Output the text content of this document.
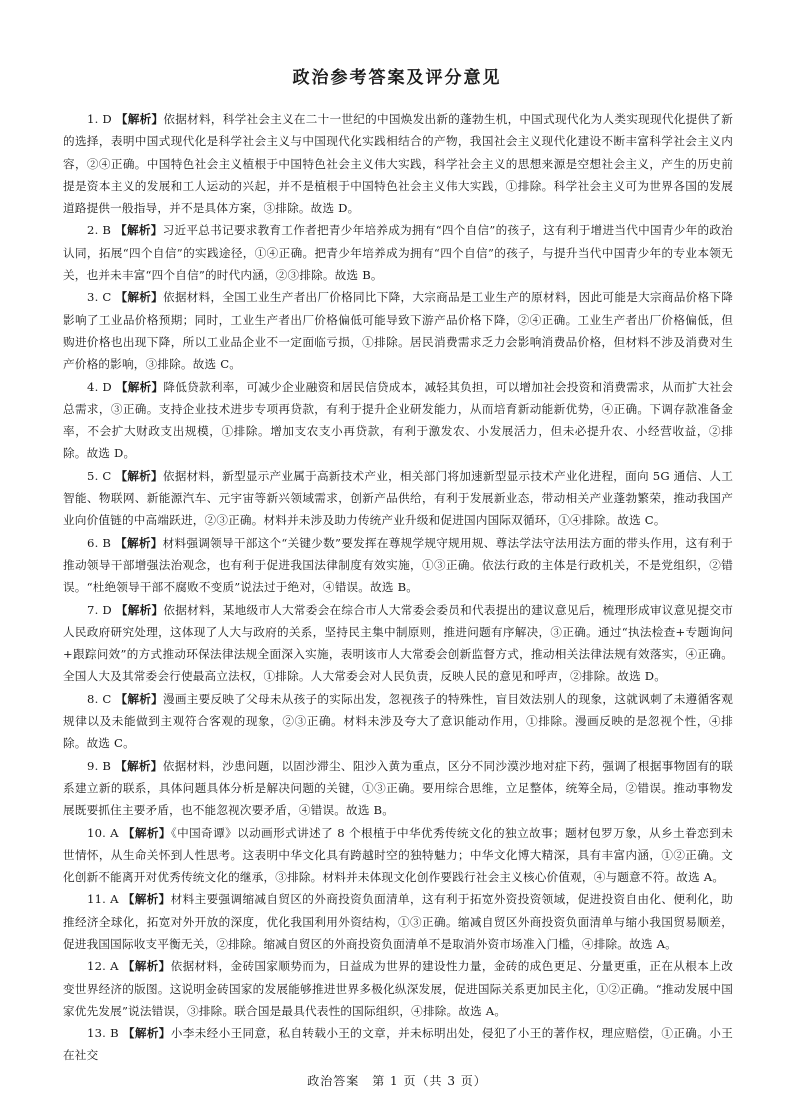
政治参考答案及评分意见

1. D 【解析】依据材料，科学社会主义在二十一世纪的中国焕发出新的蓬勃生机，中国式现代化为人类实现现代化提供了新的选择，表明中国式现代化是科学社会主义与中国现代化实践相结合的产物，我国社会主义现代化建设不断丰富科学社会主义内容，②④正确。中国特色社会主义植根于中国特色社会主义伟大实践，科学社会主义的思想来源是空想社会主义，产生的历史前提是资本主义的发展和工人运动的兴起，并不是植根于中国特色社会主义伟大实践，①排除。科学社会主义可为世界各国的发展道路提供一般指导，并不是具体方案，③排除。故选 D。

2. B 【解析】习近平总书记要求教育工作者把青少年培养成为拥有“四个自信”的孩子，这有利于增进当代中国青少年的政治认同，拓展“四个自信”的实践途径，①④正确。把青少年培养成为拥有“四个自信”的孩子，与提升当代中国青少年的专业本领无关，也并未丰富“四个自信”的时代内涵，②③排除。故选 B。

3. C 【解析】依据材料，全国工业生产者出厂价格同比下降，大宗商品是工业生产的原材料，因此可能是大宗商品价格下降影响了工业品价格预期；同时，工业生产者出厂价格偏低可能导致下游产品价格下降，②④正确。工业生产者出厂价格偏低，但购进价格也出现下降，所以工业品企业不一定面临亏损，①排除。居民消费需求乏力会影响消费品价格，但材料不涉及消费对生产价格的影响，③排除。故选 C。

4. D 【解析】降低贷款利率，可减少企业融资和居民信贷成本，减轻其负担，可以增加社会投资和消费需求，从而扩大社会总需求，③正确。支持企业技术进步专项再贷款，有利于提升企业研发能力，从而培育新动能新优势，④正确。下调存款准备金率，不会扩大财政支出规模，①排除。增加支农支小再贷款，有利于激发农、小发展活力，但未必提升农、小经营收益，②排除。故选 D。

5. C 【解析】依据材料，新型显示产业属于高新技术产业，相关部门将加速新型显示技术产业化进程，面向 5G 通信、人工智能、物联网、新能源汽车、元宇宙等新兴领域需求，创新产品供给，有利于发展新业态，带动相关产业蓬勃繁荣，推动我国产业向价值链的中高端跃进，②③正确。材料并未涉及助力传统产业升级和促进国内国际双循环，①④排除。故选 C。

6. B 【解析】材料强调领导干部这个“关键少数”要发挥在尊规学规守规用规、尊法学法守法用法方面的带头作用，这有利于推动领导干部增强法治观念，也有利于促进我国法律制度有效实施，①③正确。依法行政的主体是行政机关，不是党组织，②错误。“杜绝领导干部不腐败不变质”说法过于绝对，④错误。故选 B。

7. D 【解析】依据材料，某地级市人大常委会在综合市人大常委会委员和代表提出的建议意见后，梳理形成审议意见提交市人民政府研究处理，这体现了人大与政府的关系，坚持民主集中制原则，推进问题有序解决，③正确。通过“执法检查+专题询问+跟踪问效”的方式推动环保法律法规全面深入实施，表明该市人大常委会创新监督方式，推动相关法律法规有效落实，④正确。全国人大及其常委会行使最高立法权，①排除。人大常委会对人民负责，反映人民的意见和呼声，②排除。故选 D。

8. C 【解析】漫画主要反映了父母未从孩子的实际出发，忽视孩子的特殊性，盲目效法别人的现象，这就讽刺了未遵循客观规律以及未能做到主观符合客观的现象，②③正确。材料未涉及夸大了意识能动作用，①排除。漫画反映的是忽视个性，④排除。故选 C。

9. B 【解析】依据材料，沙患问题，以固沙滞尘、阻沙入黄为重点，区分不同沙漠沙地对症下药，强调了根据事物固有的联系建立新的联系，具体问题具体分析是解决问题的关键，①③正确。要用综合思维，立足整体，统筹全局，②错误。推动事物发展既要抓住主要矛盾，也不能忽视次要矛盾，④错误。故选 B。

10. A 【解析】《中国奇谭》以动画形式讲述了 8 个根植于中华优秀传统文化的独立故事；题材包罗万象，从乡土眷恋到未世情怀，从生命关怀到人性思考。这表明中华文化具有跨越时空的独特魅力；中华文化博大精深，具有丰富内涵，①②正确。文化创新不能离开对优秀传统文化的继承，③排除。材料并未体现文化创作要践行社会主义核心价值观，④与题意不符。故选 A。

11. A 【解析】材料主要强调缩减自贸区的外商投资负面清单，这有利于拓宽外资投资领域，促进投资自由化、便利化，助推经济全球化，拓宽对外开放的深度，优化我国利用外资结构，①③正确。缩减自贸区外商投资负面清单与缩小我国贸易顺差，促进我国国际收支平衡无关，②排除。缩减自贸区的外商投资负面清单不是取消外资市场准入门槛，④排除。故选 A。

12. A 【解析】依据材料，金砖国家顺势而为，日益成为世界的建设性力量，金砖的成色更足、分量更重，正在从根本上改变世界经济的版图。这说明金砖国家的发展能够推进世界多极化纵深发展，促进国际关系更加民主化，①②正确。“推动发展中国家优先发展”说法错误，③排除。联合国是最具代表性的国际组织，④排除。故选 A。

13. B 【解析】小李未经小王同意，私自转载小王的文章，并未标明出处，侵犯了小王的著作权，理应赔偿，①正确。小王在社交

政治答案　第 1 页（共 3 页）
